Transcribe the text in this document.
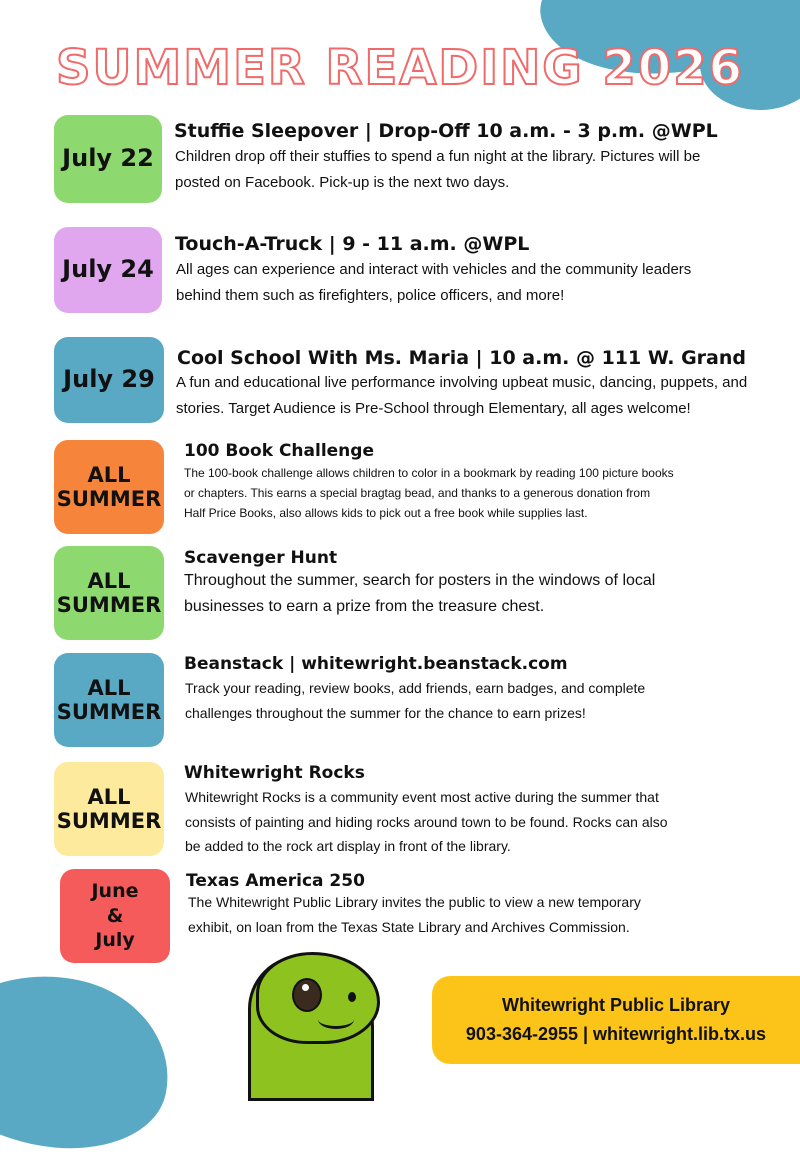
SUMMER READING 2026
July 22
Stuffie Sleepover | Drop-Off 10 a.m. - 3 p.m. @WPL
Children drop off their stuffies to spend a fun night at the library. Pictures will be posted on Facebook. Pick-up is the next two days.
July 24
Touch-A-Truck | 9 - 11 a.m. @WPL
All ages can experience and interact with vehicles and the community leaders behind them such as firefighters, police officers, and more!
July 29
Cool School With Ms. Maria | 10 a.m. @ 111 W. Grand
A fun and educational live performance involving upbeat music, dancing, puppets, and stories. Target Audience is Pre-School through Elementary, all ages welcome!
ALL
SUMMER
100 Book Challenge
The 100-book challenge allows children to color in a bookmark by reading 100 picture books or chapters. This earns a special bragtag bead, and thanks to a generous donation from Half Price Books, also allows kids to pick out a free book while supplies last.
ALL
SUMMER
Scavenger Hunt
Throughout the summer, search for posters in the windows of local businesses to earn a prize from the treasure chest.
ALL
SUMMER
Beanstack | whitewright.beanstack.com
Track your reading, review books, add friends, earn badges, and complete challenges throughout the summer for the chance to earn prizes!
ALL
SUMMER
Whitewright Rocks
Whitewright Rocks is a community event most active during the summer that consists of painting and hiding rocks around town to be found. Rocks can also be added to the rock art display in front of the library.
June
&
July
Texas America 250
The Whitewright Public Library invites the public to view a new temporary exhibit, on loan from the Texas State Library and Archives Commission.
Whitewright Public Library
903-364-2955 | whitewright.lib.tx.us
